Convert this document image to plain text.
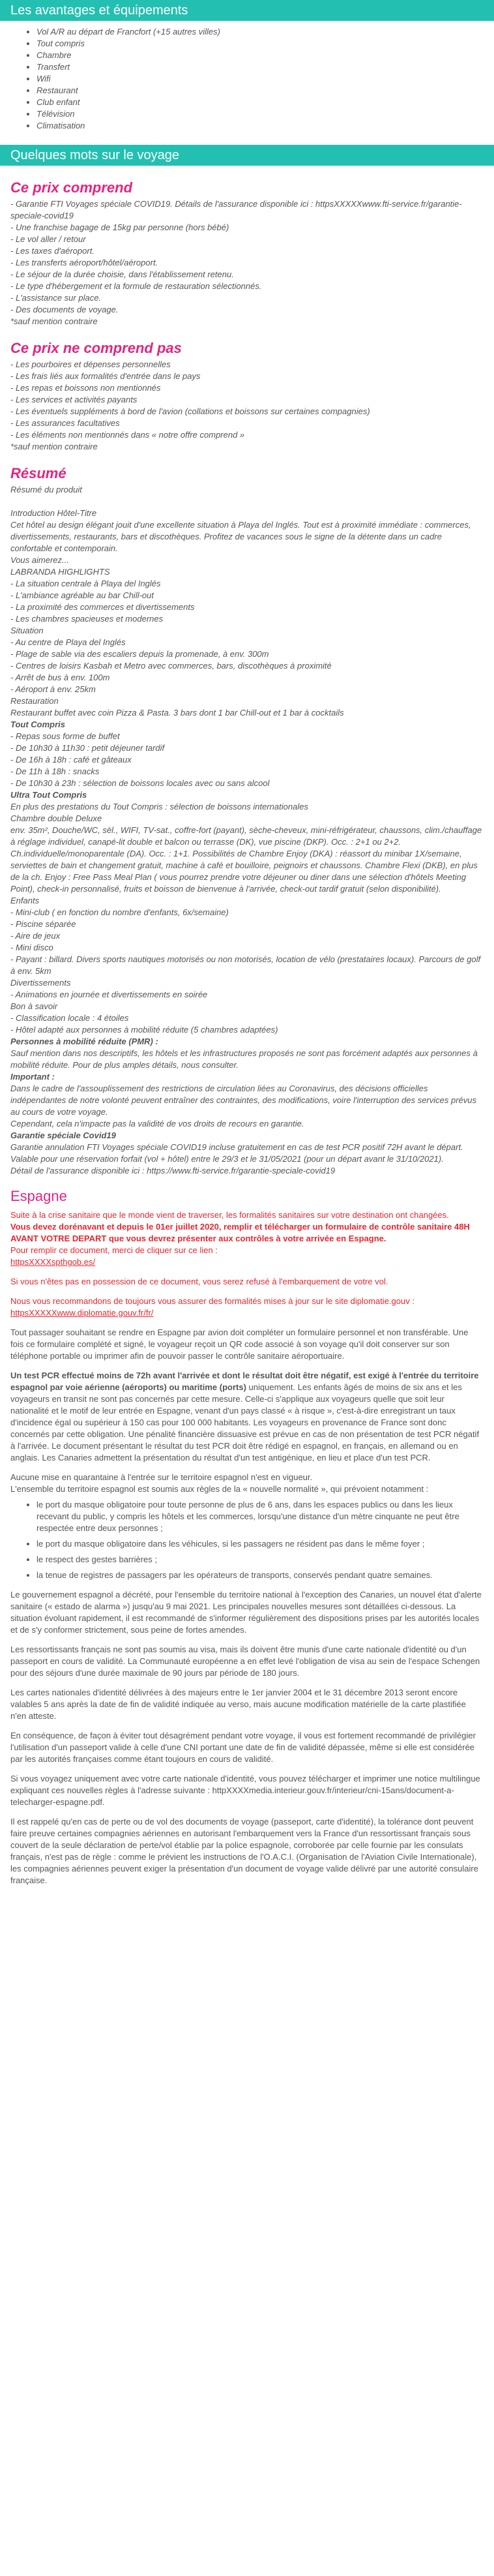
Les avantages et équipements
• Vol A/R au départ de Francfort (+15 autres villes)
• Tout compris
• Chambre
• Transfert
• Wifi
• Restaurant
• Club enfant
• Télévision
• Climatisation
Quelques mots sur le voyage
Ce prix comprend
- Garantie FTI Voyages spéciale COVID19. Détails de l'assurance disponible ici : httpsXXXXXwww.fti-service.fr/garantie-speciale-covid19
- Une franchise bagage de 15kg par personne (hors bébé)
- Le vol aller / retour
- Les taxes d'aéroport.
- Les transferts aéroport/hôtel/aéroport.
- Le séjour de la durée choisie, dans l'établissement retenu.
- Le type d'hébergement et la formule de restauration sélectionnés.
- L'assistance sur place.
- Des documents de voyage.
*sauf mention contraire
Ce prix ne comprend pas
- Les pourboires et dépenses personnelles
- Les frais liés aux formalités d'entrée dans le pays
- Les repas et boissons non mentionnés
- Les services et activités payants
- Les éventuels suppléments à bord de l'avion (collations et boissons sur certaines compagnies)
- Les assurances facultatives
- Les éléments non mentionnés dans « notre offre comprend »
*sauf mention contraire
Résumé
Résumé du produit

Introduction Hôtel-Titre
Cet hôtel au design élégant jouit d'une excellente situation à Playa del Inglés. Tout est à proximité immédiate : commerces, divertissements, restaurants, bars et discothèques. Profitez de vacances sous le signe de la détente dans un cadre confortable et contemporain.
Vous aimerez...
LABRANDA HIGHLIGHTS
- La situation centrale à Playa del Inglés
- L'ambiance agréable au bar Chill-out
- La proximité des commerces et divertissements
- Les chambres spacieuses et modernes
Situation
- Au centre de Playa del Inglés
- Plage de sable via des escaliers depuis la promenade, à env. 300m
- Centres de loisirs Kasbah et Metro avec commerces, bars, discothèques à proximité
- Arrêt de bus à env. 100m
- Aéroport à env. 25km
Restauration
Restaurant buffet avec coin Pizza & Pasta. 3 bars dont 1 bar Chill-out et 1 bar à cocktails
Tout Compris
- Repas sous forme de buffet
- De 10h30 à 11h30 : petit déjeuner tardif
- De 16h à 18h : café et gâteaux
- De 11h à 18h : snacks
- De 10h30 à 23h : sélection de boissons locales avec ou sans alcool
Ultra Tout Compris
En plus des prestations du Tout Compris : sélection de boissons internationales
Chambre double Deluxe
env. 35m², Douche/WC, sèl., WIFI, TV-sat., coffre-fort (payant), sèche-cheveux, mini-réfrigérateur, chaussons, clim./chauffage à réglage individuel, canapé-lit double et balcon ou terrasse (DK), vue piscine (DKP). Occ. : 2+1 ou 2+2. Ch.individuelle/monoparentale (DA). Occ. : 1+1. Possibilités de Chambre Enjoy (DKA) : réassort du minibar 1X/semaine, serviettes de bain et changement gratuit, machine à café et bouilloire, peignoirs et chaussons. Chambre Flexi (DKB), en plus de la ch. Enjoy : Free Pass Meal Plan ( vous pourrez prendre votre déjeuner ou diner dans une sélection d'hôtels Meeting Point), check-in personnalisé, fruits et boisson de bienvenue à l'arrivée, check-out tardif gratuit (selon disponibilité).
Enfants
- Mini-club ( en fonction du nombre d'enfants, 6x/semaine)
- Piscine séparée
- Aire de jeux
- Mini disco
- Payant : billard. Divers sports nautiques motorisés ou non motorisés, location de vélo (prestataires locaux). Parcours de golf à env. 5km
Divertissements
- Animations en journée et divertissements en soirée
Bon à savoir
- Classification locale : 4 étoiles
- Hôtel adapté aux personnes à mobilité réduite (5 chambres adaptées)
Personnes à mobilité réduite (PMR) :
Sauf mention dans nos descriptifs, les hôtels et les infrastructures proposés ne sont pas forcément adaptés aux personnes à mobilité réduite. Pour de plus amples détails, nous consulter.
Important :
Dans le cadre de l'assouplissement des restrictions de circulation liées au Coronavirus, des décisions officielles indépendantes de notre volonté peuvent entraîner des contraintes, des modifications, voire l'interruption des services prévus au cours de votre voyage.
Cependant, cela n'impacte pas la validité de vos droits de recours en garantie.
Garantie spéciale Covid19
Garantie annulation FTI Voyages spéciale COVID19 incluse gratuitement en cas de test PCR positif 72H avant le départ.
Valable pour une réservation forfait (vol + hôtel) entre le 29/3 et le 31/05/2021 (pour un départ avant le 31/10/2021).
Détail de l'assurance disponible ici : https://www.fti-service.fr/garantie-speciale-covid19
Espagne

Suite à la crise sanitaire que le monde vient de traverser, les formalités sanitaires sur votre destination ont changées.
Vous devez dorénavant et depuis le 01er juillet 2020, remplir et télécharger un formulaire de contrôle sanitaire 48H AVANT VOTRE DEPART que vous devrez présenter aux contrôles à votre arrivée en Espagne.
Pour remplir ce document, merci de cliquer sur ce lien :
httpsXXXXspthgob.es/

Si vous n'êtes pas en possession de ce document, vous serez refusé à l'embarquement de votre vol.

Nous vous recommandons de toujours vous assurer des formalités mises à jour sur le site diplomatie.gouv :
httpsXXXXXwww.diplomatie.gouv.fr/fr/

Tout passager souhaitant se rendre en Espagne par avion doit compléter un formulaire personnel et non transférable. Une fois ce formulaire complété et signé, le voyageur reçoit un QR code associé à son voyage qu'il doit conserver sur son téléphone portable ou imprimer afin de pouvoir passer le contrôle sanitaire aéroportuaire.

Un test PCR effectué moins de 72h avant l'arrivée et dont le résultat doit être négatif, est exigé à l'entrée du territoire espagnol par voie aérienne (aéroports) ou maritime (ports) uniquement. Les enfants âgés de moins de six ans et les voyageurs en transit ne sont pas concernés par cette mesure. Celle-ci s'applique aux voyageurs quelle que soit leur nationalité et le motif de leur entrée en Espagne, venant d'un pays classé « à risque », c'est-à-dire enregistrant un taux d'incidence égal ou supérieur à 150 cas pour 100 000 habitants. Les voyageurs en provenance de France sont donc concernés par cette obligation. Une pénalité financière dissuasive est prévue en cas de non présentation de test PCR négatif à l'arrivée. Le document présentant le résultat du test PCR doit être rédigé en espagnol, en français, en allemand ou en anglais. Les Canaries admettent la présentation du résultat d'un test antigénique, en lieu et place d'un test PCR.

Aucune mise en quarantaine à l'entrée sur le territoire espagnol n'est en vigueur.
L'ensemble du territoire espagnol est soumis aux règles de la « nouvelle normalité », qui prévoient notamment :

• le port du masque obligatoire pour toute personne de plus de 6 ans, dans les espaces publics ou dans les lieux recevant du public, y compris les hôtels et les commerces, lorsqu'une distance d'un mètre cinquante ne peut être respectée entre deux personnes ;
• le port du masque obligatoire dans les véhicules, si les passagers ne résident pas dans le même foyer ;
• le respect des gestes barrières ;
• la tenue de registres de passagers par les opérateurs de transports, conservés pendant quatre semaines.

Le gouvernement espagnol a décrété, pour l'ensemble du territoire national à l'exception des Canaries, un nouvel état d'alerte sanitaire (« estado de alarma ») jusqu'au 9 mai 2021. Les principales nouvelles mesures sont détaillées ci-dessous. La situation évoluant rapidement, il est recommandé de s'informer régulièrement des dispositions prises par les autorités locales et de s'y conformer strictement, sous peine de fortes amendes.

Les ressortissants français ne sont pas soumis au visa, mais ils doivent être munis d'une carte nationale d'identité ou d'un passeport en cours de validité. La Communauté européenne a en effet levé l'obligation de visa au sein de l'espace Schengen pour des séjours d'une durée maximale de 90 jours par période de 180 jours.

Les cartes nationales d'identité délivrées à des majeurs entre le 1er janvier 2004 et le 31 décembre 2013 seront encore valables 5 ans après la date de fin de validité indiquée au verso, mais aucune modification matérielle de la carte plastifiée n'en atteste.

En conséquence, de façon à éviter tout désagrément pendant votre voyage, il vous est fortement recommandé de privilégier l'utilisation d'un passeport valide à celle d'une CNI portant une date de fin de validité dépassée, même si elle est considérée par les autorités françaises comme étant toujours en cours de validité.

Si vous voyagez uniquement avec votre carte nationale d'identité, vous pouvez télécharger et imprimer une notice multilingue expliquant ces nouvelles règles à l'adresse suivante : httpXXXXmedia.interieur.gouv.fr/interieur/cni-15ans/document-a-telecharger-espagne.pdf.

Il est rappelé qu'en cas de perte ou de vol des documents de voyage (passeport, carte d'identité), la tolérance dont peuvent faire preuve certaines compagnies aériennes en autorisant l'embarquement vers la France d'un ressortissant français sous couvert de la seule déclaration de perte/vol établie par la police espagnole, corroborée par celle fournie par les consulats français, n'est pas de règle : comme le prévient les instructions de l'O.A.C.I. (Organisation de l'Aviation Civile Internationale), les compagnies aériennes peuvent exiger la présentation d'un document de voyage valide délivré par une autorité consulaire française.
